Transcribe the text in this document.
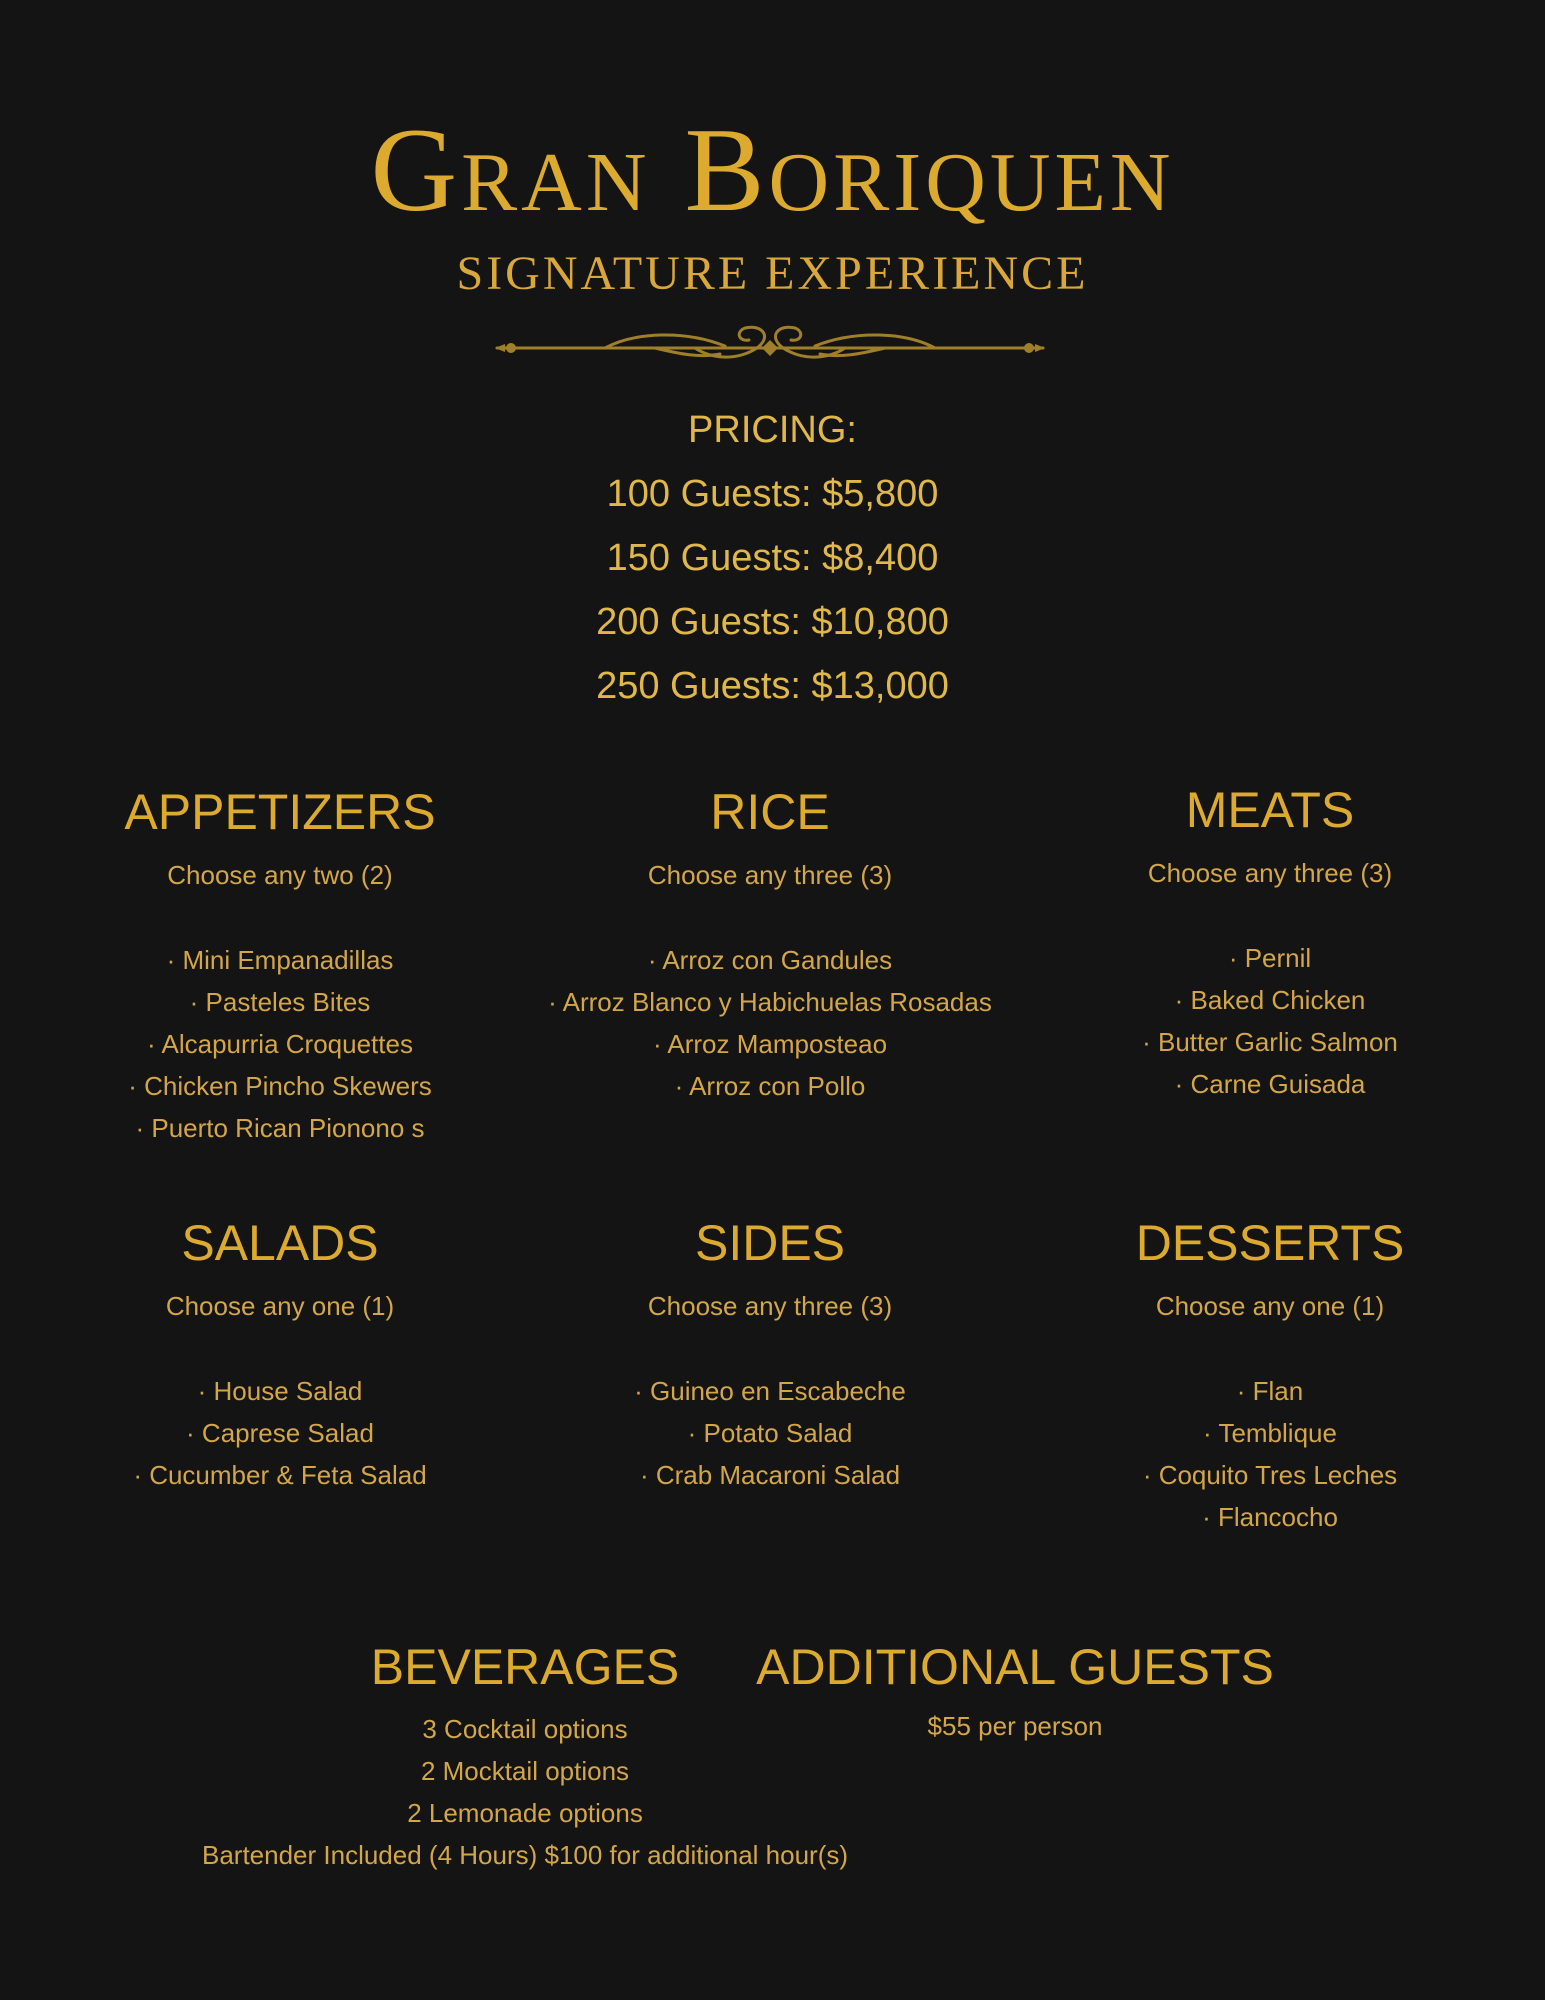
Gran Boriquen
SIGNATURE EXPERIENCE
PRICING:
100 Guests: $5,800
150 Guests: $8,400
200 Guests: $10,800
250 Guests: $13,000
APPETIZERS
Choose any two (2)
· Mini Empanadillas
· Pasteles Bites
· Alcapurria Croquettes
· Chicken Pincho Skewers
· Puerto Rican Pionono s
RICE
Choose any three (3)
· Arroz con Gandules
· Arroz Blanco y Habichuelas Rosadas
· Arroz Mamposteao
· Arroz con Pollo
MEATS
Choose any three (3)
· Pernil
· Baked Chicken
· Butter Garlic Salmon
· Carne Guisada
SALADS
Choose any one (1)
· House Salad
· Caprese Salad
· Cucumber & Feta Salad
SIDES
Choose any three (3)
· Guineo en Escabeche
· Potato Salad
· Crab Macaroni Salad
DESSERTS
Choose any one (1)
· Flan
· Temblique
· Coquito Tres Leches
· Flancocho
BEVERAGES
3 Cocktail options
2 Mocktail options
2 Lemonade options
Bartender Included (4 Hours) $100 for additional hour(s)
ADDITIONAL GUESTS
$55 per person
